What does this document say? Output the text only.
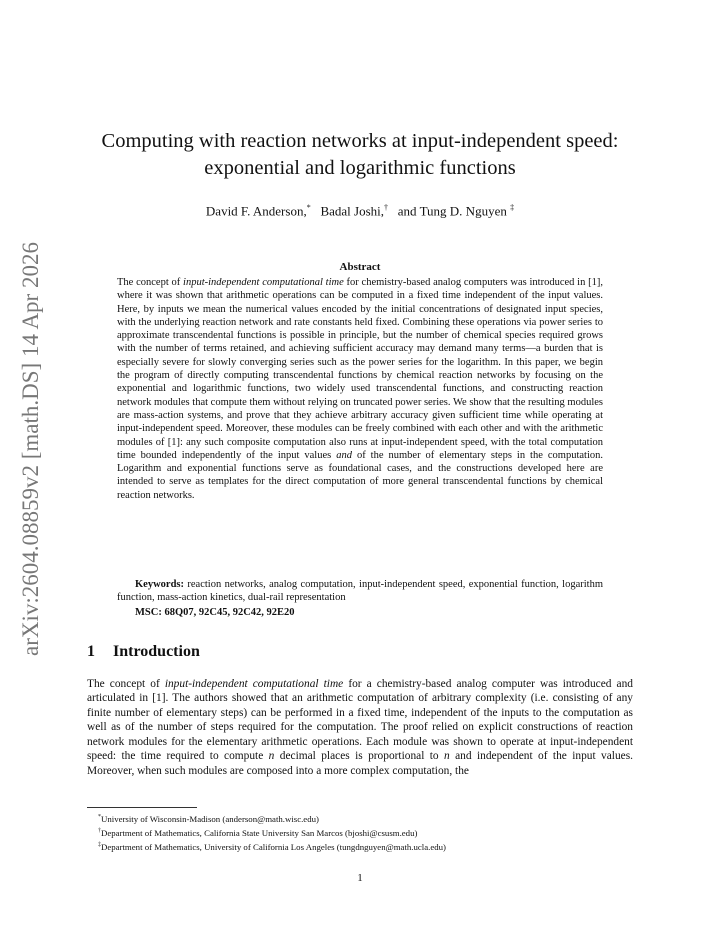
arXiv:2604.08859v2 [math.DS] 14 Apr 2026
Computing with reaction networks at input-independent speed:
exponential and logarithmic functions
David F. Anderson,* Badal Joshi,† and Tung D. Nguyen ‡
Abstract
The concept of input-independent computational time for chemistry-based analog computers was introduced in [1], where it was shown that arithmetic operations can be computed in a fixed time independent of the input values. Here, by inputs we mean the numerical values encoded by the initial concentrations of designated input species, with the underlying reaction network and rate constants held fixed. Combining these operations via power series to approximate transcendental functions is possible in principle, but the number of chemical species required grows with the number of terms retained, and achieving sufficient accuracy may demand many terms—a burden that is especially severe for slowly converging series such as the power series for the logarithm. In this paper, we begin the program of directly computing transcendental functions by chemical reaction networks by focusing on the exponential and logarithmic functions, two widely used transcendental functions, and constructing reaction network modules that compute them without relying on truncated power series. We show that the resulting modules are mass-action systems, and prove that they achieve arbitrary accuracy given sufficient time while operating at input-independent speed. Moreover, these modules can be freely combined with each other and with the arithmetic modules of [1]: any such composite computation also runs at input-independent speed, with the total computation time bounded independently of the input values and of the number of elementary steps in the computation. Logarithm and exponential functions serve as foundational cases, and the constructions developed here are intended to serve as templates for the direct computation of more general transcendental functions by chemical reaction networks.
Keywords: reaction networks, analog computation, input-independent speed, exponential function, logarithm function, mass-action kinetics, dual-rail representation
MSC: 68Q07, 92C45, 92C42, 92E20
1 Introduction
The concept of input-independent computational time for a chemistry-based analog computer was introduced and articulated in [1]. The authors showed that an arithmetic computation of arbitrary complexity (i.e. consisting of any finite number of elementary steps) can be performed in a fixed time, independent of the inputs to the computation as well as of the number of steps required for the computation. The proof relied on explicit constructions of reaction network modules for the elementary arithmetic operations. Each module was shown to operate at input-independent speed: the time required to compute n decimal places is proportional to n and independent of the input values. Moreover, when such modules are composed into a more complex computation, the
*University of Wisconsin-Madison (anderson@math.wisc.edu)
†Department of Mathematics, California State University San Marcos (bjoshi@csusm.edu)
‡Department of Mathematics, University of California Los Angeles (tungdnguyen@math.ucla.edu)
1
